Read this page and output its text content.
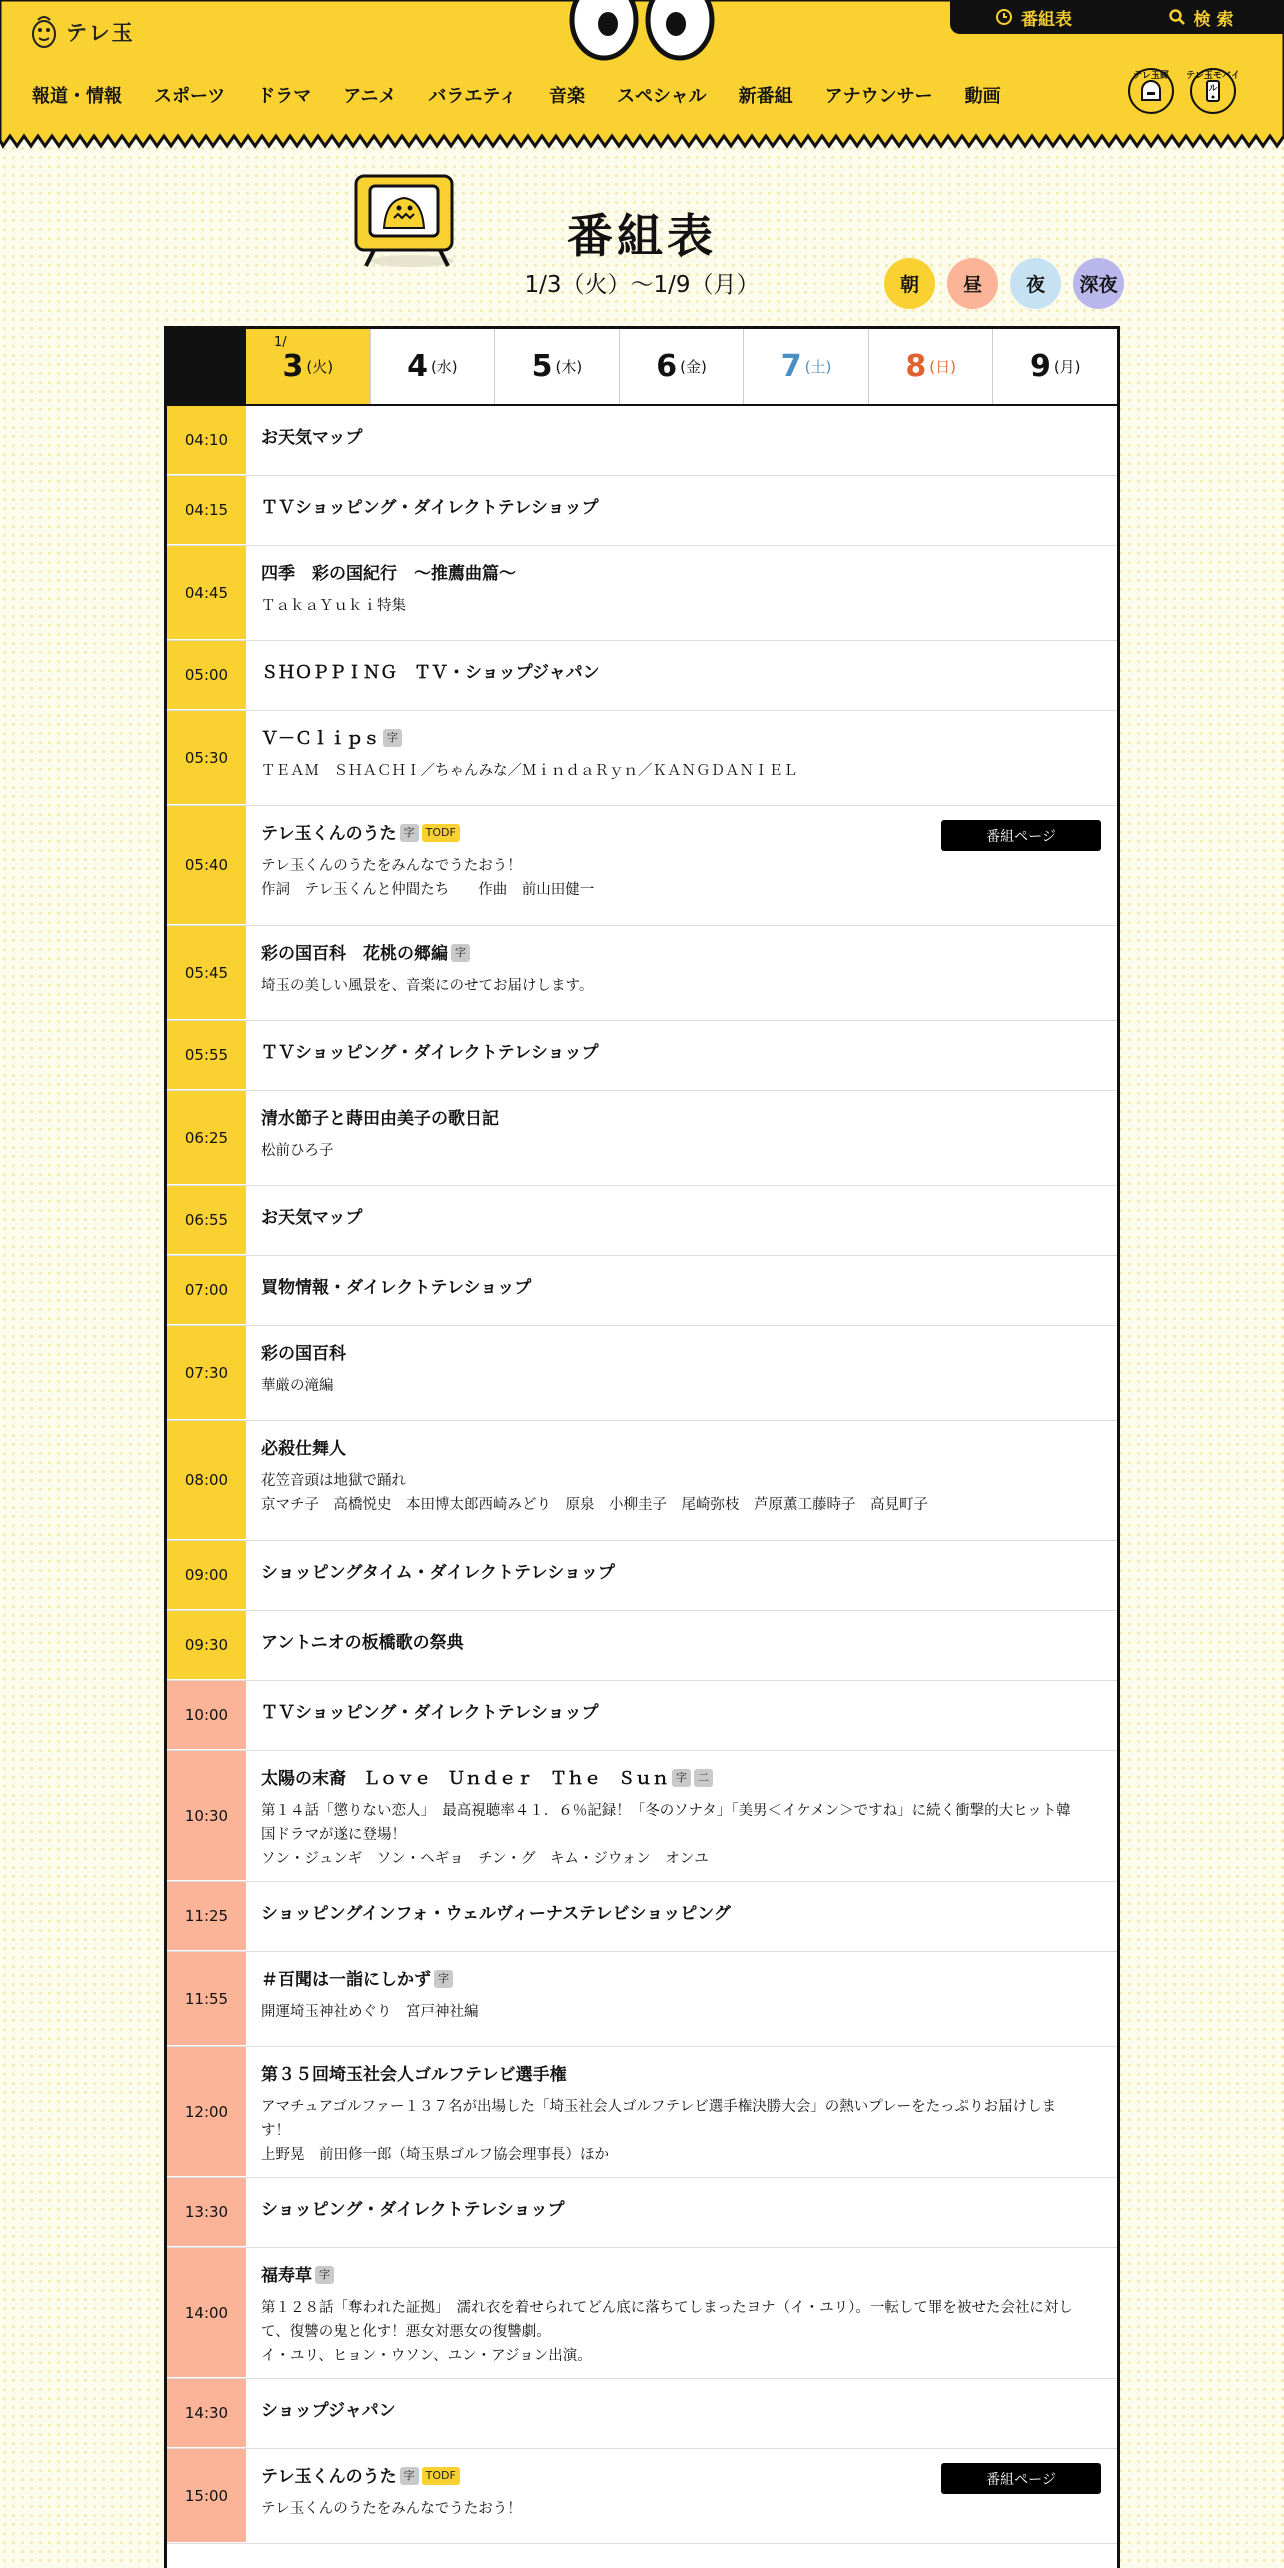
テレ玉
番組表	検 索
報道・情報	スポーツ	ドラマ	アニメ	バラエティ	音楽	スペシャル	新番組	アナウンサー	動画
テレ玉郵	テレ玉モバイル
番組表
1/3（火）〜1/9（月）	朝	昼	夜	深夜
1/
3 (火) 4 (水) 5 (木) 6 (金) 7 (土) 8 (日) 9 (月)
04:10	お天気マップ
04:15	ＴＶショッピング・ダイレクトテレショップ
04:45
四季　彩の国紀行　～推薦曲篇～
ＴａｋａＹｕｋｉ特集
05:00	ＳＨＯＰＰＩＮＧ　ＴＶ・ショップジャパン
05:30
Ｖ－Ｃｌｉｐｓ 字
ＴＥＡＭ　ＳＨＡＣＨＩ／ちゃんみな／ＭｉｎｄａＲｙｎ／ＫＡＮＧＤＡＮＩＥＬ
05:40
テレ玉くんのうた 字 TODF
テレ玉くんのうたをみんなでうたおう！
作詞　テレ玉くんと仲間たち　　作曲　前山田健一
番組ページ
05:45
彩の国百科　花桃の郷編 字
埼玉の美しい風景を、音楽にのせてお届けします。
05:55	ＴＶショッピング・ダイレクトテレショップ
06:25
清水節子と蒔田由美子の歌日記
松前ひろ子
06:55	お天気マップ
07:00	買物情報・ダイレクトテレショップ
07:30
彩の国百科
華厳の滝編
08:00
必殺仕舞人
花笠音頭は地獄で踊れ
京マチ子　高橋悦史　本田博太郎西崎みどり　原泉　小柳圭子　尾崎弥枝　芦原薫工藤時子　高見町子
09:00	ショッピングタイム・ダイレクトテレショップ
09:30	アントニオの板橋歌の祭典
10:00	ＴＶショッピング・ダイレクトテレショップ
10:30
太陽の末裔　Ｌｏｖｅ　Ｕｎｄｅｒ　Ｔｈｅ　Ｓｕｎ 字 二
第１４話「懲りない恋人」　最高視聴率４１．６％記録！「冬のソナタ」「美男＜イケメン＞ですね」に続く衝撃的大ヒット韓国ドラマが遂に登場！
ソン・ジュンギ　ソン・ヘギョ　チン・グ　キム・ジウォン　オンユ
11:25	ショッピングインフォ・ウェルヴィーナステレビショッピング
11:55
＃百聞は一詣にしかず 字
開運埼玉神社めぐり　宮戸神社編
12:00
第３５回埼玉社会人ゴルフテレビ選手権
アマチュアゴルファー１３７名が出場した「埼玉社会人ゴルフテレビ選手権決勝大会」の熱いプレーをたっぷりお届けします！
上野晃　前田修一郎（埼玉県ゴルフ協会理事長）ほか
13:30	ショッピング・ダイレクトテレショップ
14:00
福寿草 字
第１２８話「奪われた証拠」　濡れ衣を着せられてどん底に落ちてしまったヨナ（イ・ユリ）。一転して罪を被せた会社に対して、復讐の鬼と化す！悪女対悪女の復讐劇。
イ・ユリ、ヒョン・ウソン、ユン・アジョン出演。
14:30	ショップジャパン
15:00
テレ玉くんのうた 字 TODF
テレ玉くんのうたをみんなでうたおう！
番組ページ
